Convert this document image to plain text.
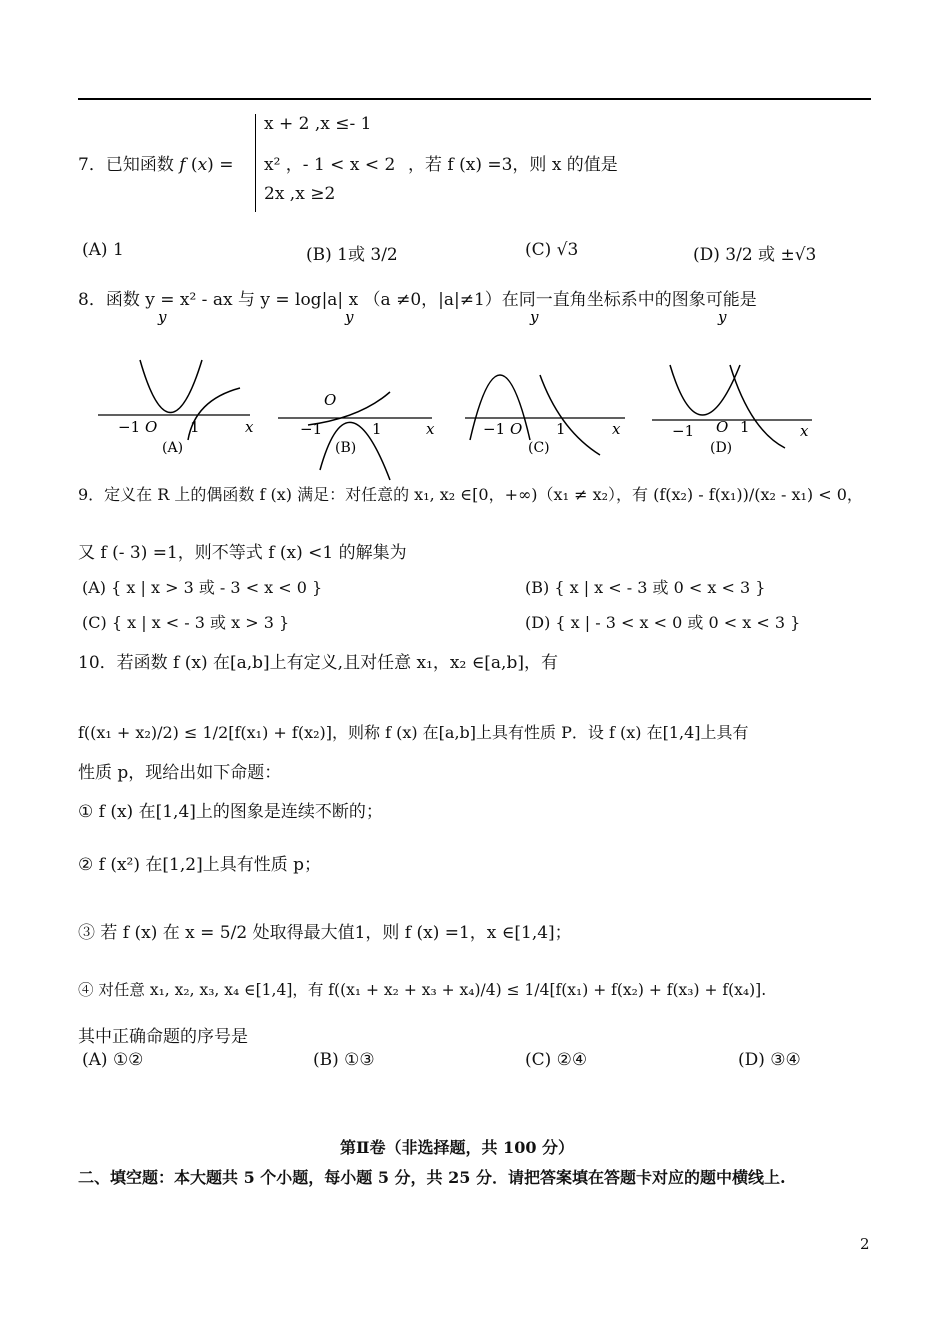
7．已知函数 f (x) =
x + 2 ,x ≤- 1
x² ，- 1 < x < 2
2x ,x ≥2
，若 f (x) =3，则 x 的值是
(A) 1	(B) 1或 3/2	(C) √3	(D) 3/2 或 ±√3
8．函数 y = x² - ax 与 y = log|a| x （a ≠0，|a|≠1）在同一直角坐标系中的图象可能是
y
−1 O 1	x
(A)
y
O
−1	1	x
(B)
y
−1 O 1	x
(C)
y
−1 O 1	x
(D)
9．定义在 R 上的偶函数 f (x) 满足：对任意的 x₁, x₂ ∈[0，+∞)（x₁ ≠ x₂），有 (f(x₂) - f(x₁))/(x₂ - x₁) < 0，
又 f (- 3) =1，则不等式 f (x) <1 的解集为
(A) { x | x > 3 或 - 3 < x < 0 }	(B) { x | x < - 3 或 0 < x < 3 }
(C) { x | x < - 3 或 x > 3 }	(D) { x | - 3 < x < 0 或 0 < x < 3 }
10．若函数 f (x) 在[a,b]上有定义,且对任意 x₁，x₂ ∈[a,b]，有
f((x₁ + x₂)/2) ≤ 1/2[f(x₁) + f(x₂)]，则称 f (x) 在[a,b]上具有性质 P．设 f (x) 在[1,4]上具有
性质 p，现给出如下命题：
① f (x) 在[1,4]上的图象是连续不断的；
② f (x²) 在[1,2]上具有性质 p；
③ 若 f (x) 在 x = 5/2 处取得最大值1，则 f (x) =1，x ∈[1,4]；
④ 对任意 x₁, x₂, x₃, x₄ ∈[1,4]，有 f((x₁ + x₂ + x₃ + x₄)/4) ≤ 1/4[f(x₁) + f(x₂) + f(x₃) + f(x₄)].
其中正确命题的序号是
(A) ①②	(B) ①③	(C) ②④	(D) ③④
第Ⅱ卷（非选择题，共 100 分）
二、填空题：本大题共 5 个小题，每小题 5 分，共 25 分．请把答案填在答题卡对应的题中横线上.
2
